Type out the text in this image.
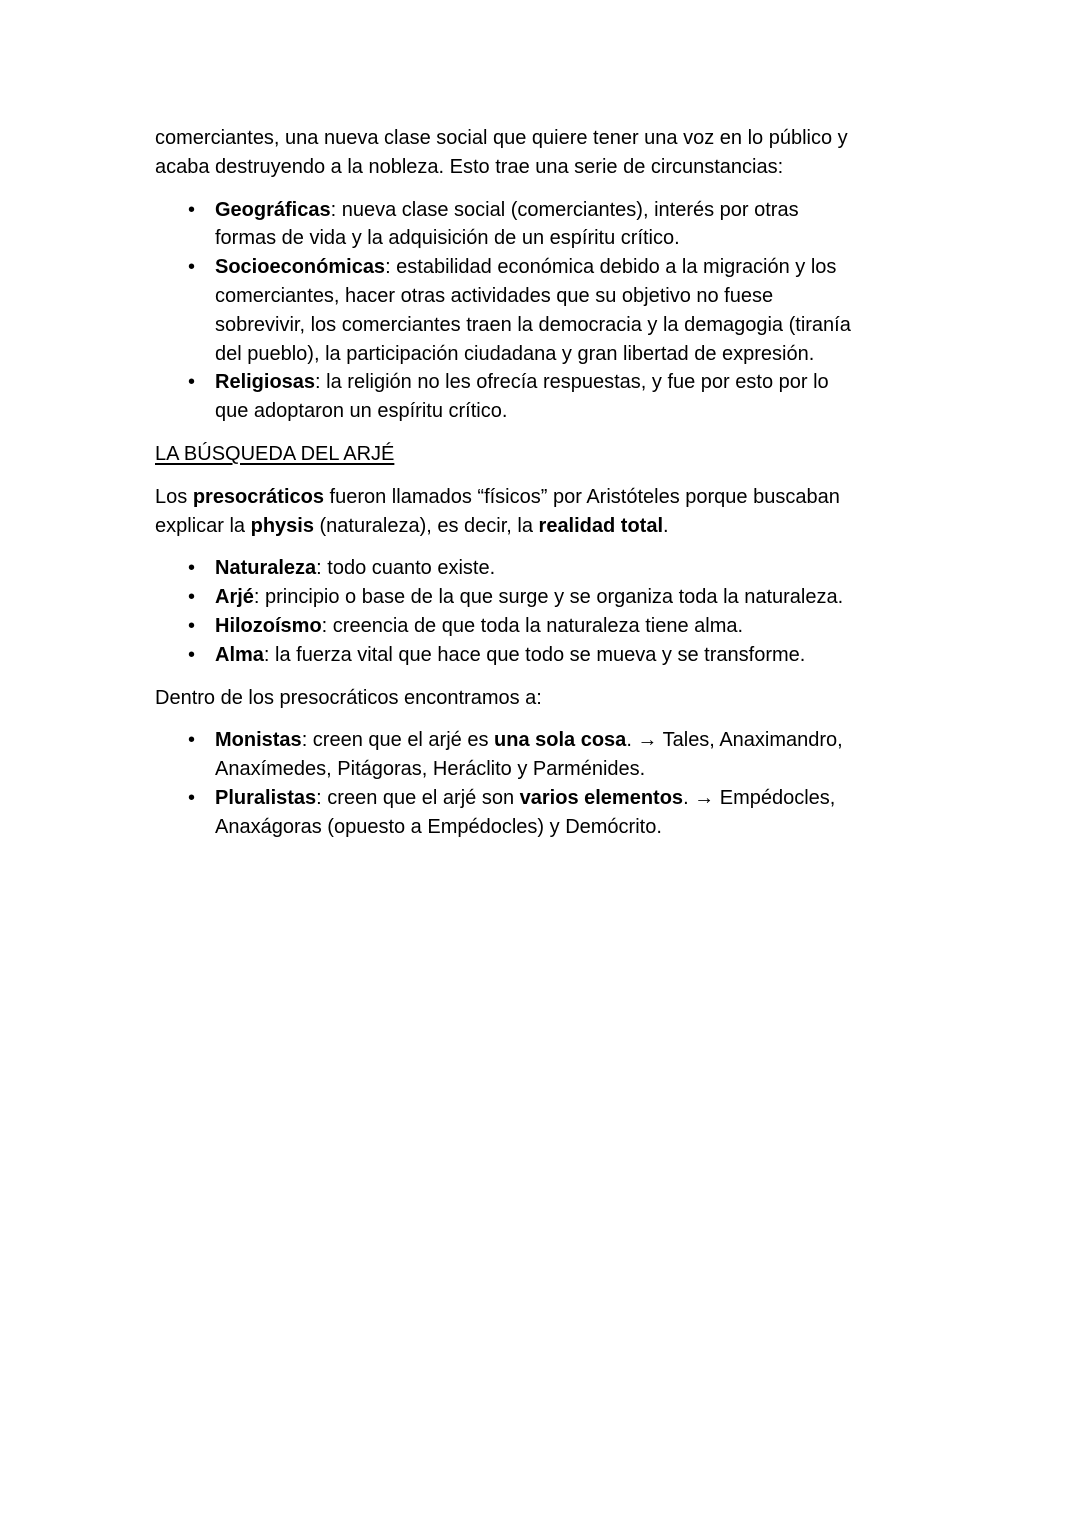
comerciantes, una nueva clase social que quiere tener una voz en lo público y
acaba destruyendo a la nobleza. Esto trae una serie de circunstancias:

• Geográficas: nueva clase social (comerciantes), interés por otras
formas de vida y la adquisición de un espíritu crítico.
• Socioeconómicas: estabilidad económica debido a la migración y los
comerciantes, hacer otras actividades que su objetivo no fuese
sobrevivir, los comerciantes traen la democracia y la demagogia (tiranía
del pueblo), la participación ciudadana y gran libertad de expresión.
• Religiosas: la religión no les ofrecía respuestas, y fue por esto por lo
que adoptaron un espíritu crítico.
LA BÚSQUEDA DEL ARJÉ

Los presocráticos fueron llamados “físicos” por Aristóteles porque buscaban
explicar la physis (naturaleza), es decir, la realidad total.

• Naturaleza: todo cuanto existe.
• Arjé: principio o base de la que surge y se organiza toda la naturaleza.
• Hilozoísmo: creencia de que toda la naturaleza tiene alma.
• Alma: la fuerza vital que hace que todo se mueva y se transforme.

Dentro de los presocráticos encontramos a:

• Monistas: creen que el arjé es una sola cosa. → Tales, Anaximandro,
Anaxímedes, Pitágoras, Heráclito y Parménides.
• Pluralistas: creen que el arjé son varios elementos. → Empédocles,
Anaxágoras (opuesto a Empédocles) y Demócrito.
